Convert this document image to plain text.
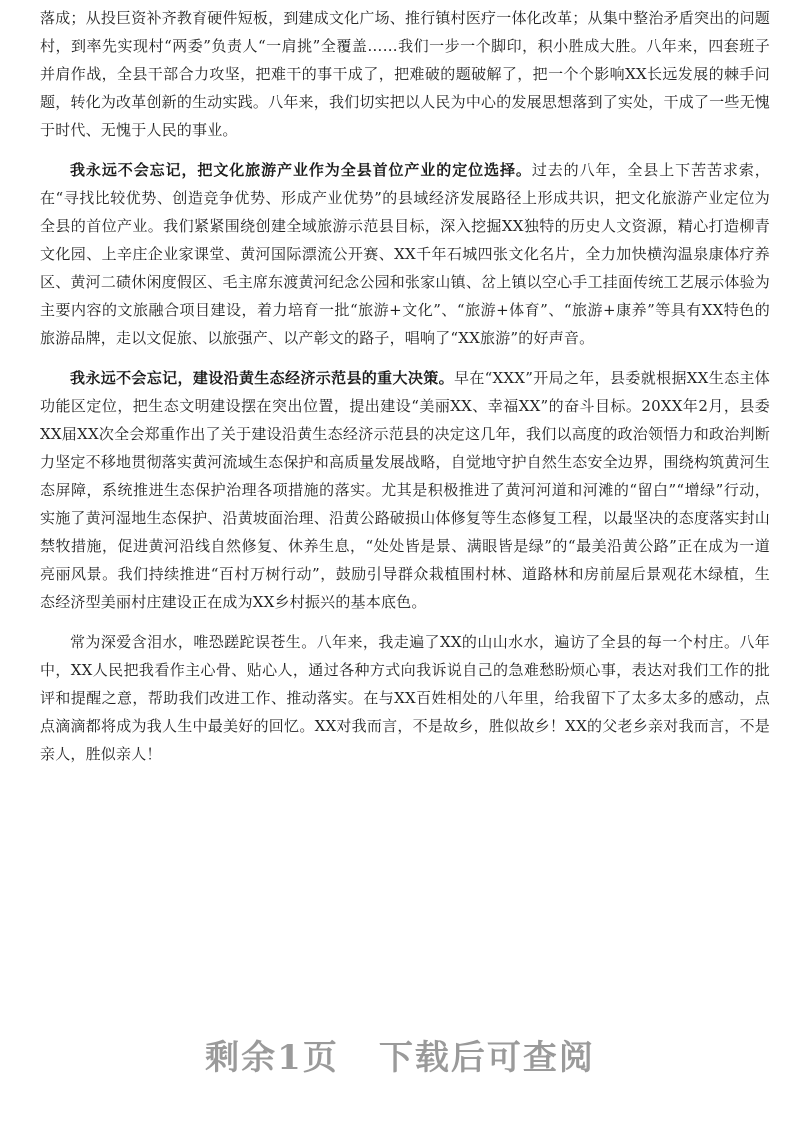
落成；从投巨资补齐教育硬件短板，到建成文化广场、推行镇村医疗一体化改革；从集中整治矛盾突出的问题村，到率先实现村“两委”负责人“一肩挑”全覆盖……我们一步一个脚印，积小胜成大胜。八年来，四套班子并肩作战，全县干部合力攻坚，把难干的事干成了，把难破的题破解了，把一个个影响XX长远发展的棘手问题，转化为改革创新的生动实践。八年来，我们切实把以人民为中心的发展思想落到了实处，干成了一些无愧于时代、无愧于人民的事业。

我永远不会忘记，把文化旅游产业作为全县首位产业的定位选择。过去的八年，全县上下苦苦求索，在“寻找比较优势、创造竞争优势、形成产业优势”的县域经济发展路径上形成共识，把文化旅游产业定位为全县的首位产业。我们紧紧围绕创建全域旅游示范县目标，深入挖掘XX独特的历史人文资源，精心打造柳青文化园、上辛庄企业家课堂、黄河国际漂流公开赛、XX千年石城四张文化名片，全力加快横沟温泉康体疗养区、黄河二碛休闲度假区、毛主席东渡黄河纪念公园和张家山镇、岔上镇以空心手工挂面传统工艺展示体验为主要内容的文旅融合项目建设，着力培育一批“旅游+文化”、“旅游+体育”、“旅游+康养”等具有XX特色的旅游品牌，走以文促旅、以旅强产、以产彰文的路子，唱响了“XX旅游”的好声音。

我永远不会忘记，建设沿黄生态经济示范县的重大决策。早在“XXX”开局之年，县委就根据XX生态主体功能区定位，把生态文明建设摆在突出位置，提出建设“美丽XX、幸福XX”的奋斗目标。20XX年2月，县委XX届XX次全会郑重作出了关于建设沿黄生态经济示范县的决定这几年，我们以高度的政治领悟力和政治判断力坚定不移地贯彻落实黄河流域生态保护和高质量发展战略，自觉地守护自然生态安全边界，围绕构筑黄河生态屏障，系统推进生态保护治理各项措施的落实。尤其是积极推进了黄河河道和河滩的“留白”“增绿”行动，实施了黄河湿地生态保护、沿黄坡面治理、沿黄公路破损山体修复等生态修复工程，以最坚决的态度落实封山禁牧措施，促进黄河沿线自然修复、休养生息，“处处皆是景、满眼皆是绿”的“最美沿黄公路”正在成为一道亮丽风景。我们持续推进“百村万树行动”，鼓励引导群众栽植围村林、道路林和房前屋后景观花木绿植，生态经济型美丽村庄建设正在成为XX乡村振兴的基本底色。

常为深爱含泪水，唯恐蹉跎误苍生。八年来，我走遍了XX的山山水水，遍访了全县的每一个村庄。八年中，XX人民把我看作主心骨、贴心人，通过各种方式向我诉说自己的急难愁盼烦心事，表达对我们工作的批评和提醒之意，帮助我们改进工作、推动落实。在与XX百姓相处的八年里，给我留下了太多太多的感动，点点滴滴都将成为我人生中最美好的回忆。XX对我而言，不是故乡，胜似故乡！XX的父老乡亲对我而言，不是亲人，胜似亲人！

剩余1页 下载后可查阅
